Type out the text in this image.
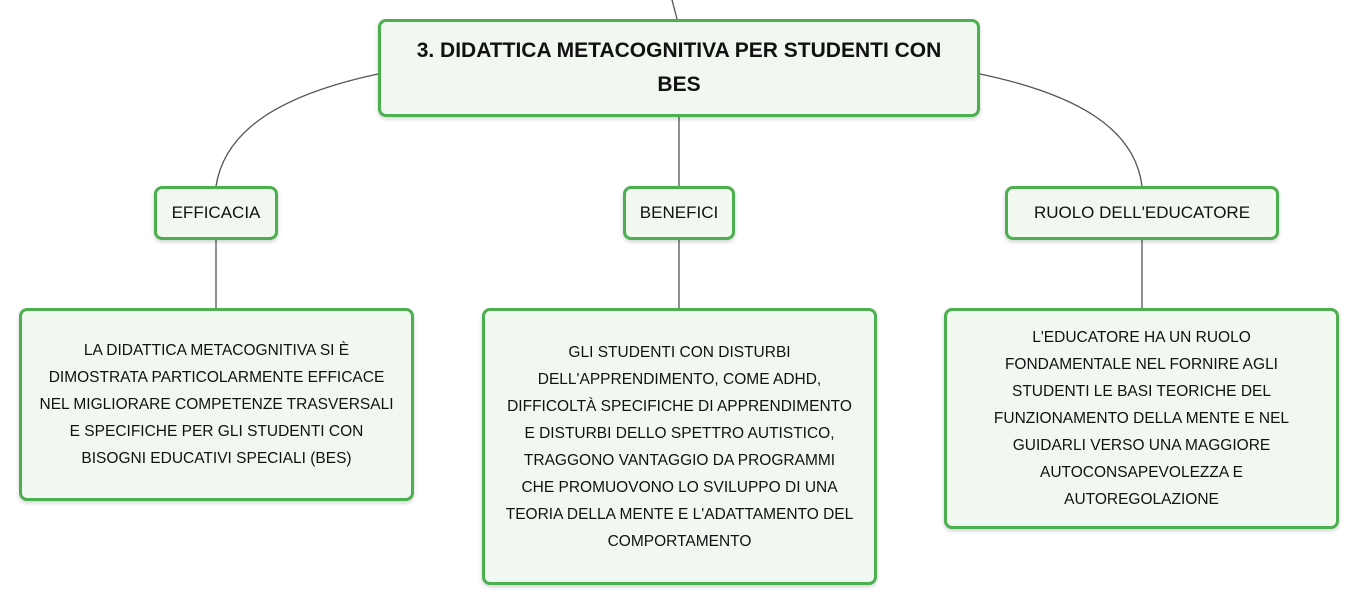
3. DIDATTICA METACOGNITIVA PER STUDENTI CON
BES
EFFICACIA	BENEFICI	RUOLO DELL'EDUCATORE
LA DIDATTICA METACOGNITIVA SI È
DIMOSTRATA PARTICOLARMENTE EFFICACE
NEL MIGLIORARE COMPETENZE TRASVERSALI
E SPECIFICHE PER GLI STUDENTI CON
BISOGNI EDUCATIVI SPECIALI (BES)
GLI STUDENTI CON DISTURBI
DELL'APPRENDIMENTO, COME ADHD,
DIFFICOLTÀ SPECIFICHE DI APPRENDIMENTO
E DISTURBI DELLO SPETTRO AUTISTICO,
TRAGGONO VANTAGGIO DA PROGRAMMI
CHE PROMUOVONO LO SVILUPPO DI UNA
TEORIA DELLA MENTE E L'ADATTAMENTO DEL
COMPORTAMENTO
L'EDUCATORE HA UN RUOLO
FONDAMENTALE NEL FORNIRE AGLI
STUDENTI LE BASI TEORICHE DEL
FUNZIONAMENTO DELLA MENTE E NEL
GUIDARLI VERSO UNA MAGGIORE
AUTOCONSAPEVOLEZZA E
AUTOREGOLAZIONE
